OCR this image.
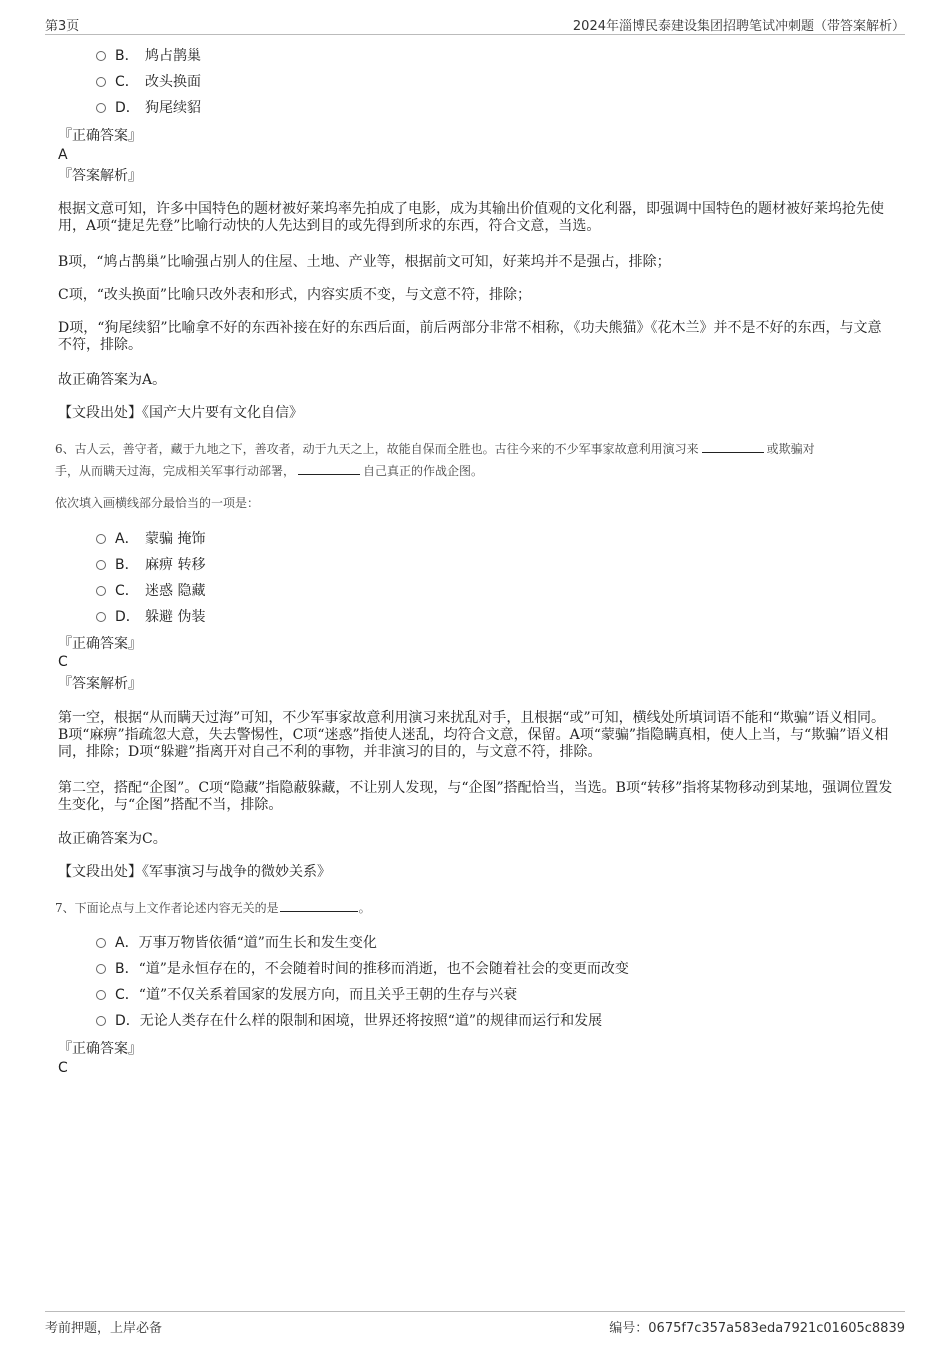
第3页	2024年淄博民泰建设集团招聘笔试冲刺题（带答案解析）
B． 鸠占鹊巢
C． 改头换面
D． 狗尾续貂
『正确答案』
A
『答案解析』
根据文意可知，许多中国特色的题材被好莱坞率先拍成了电影，成为其输出价值观的文化利器，即强调中国特色的题材被好莱坞抢先使用，A项“捷足先登”比喻行动快的人先达到目的或先得到所求的东西，符合文意，当选。
B项，“鸠占鹊巢”比喻强占别人的住屋、土地、产业等，根据前文可知，好莱坞并不是强占，排除；
C项，“改头换面”比喻只改外表和形式，内容实质不变，与文意不符，排除；
D项，“狗尾续貂”比喻拿不好的东西补接在好的东西后面，前后两部分非常不相称，《功夫熊猫》《花木兰》并不是不好的东西，与文意不符，排除。
故正确答案为A。
【文段出处】《国产大片要有文化自信》
6、古人云，善守者，藏于九地之下，善攻者，动于九天之上，故能自保而全胜也。古往今来的不少军事家故意利用演习来	或欺骗对
手，从而瞒天过海，完成相关军事行动部署，	自己真正的作战企图。
依次填入画横线部分最恰当的一项是：
A． 蒙骗 掩饰
B． 麻痹 转移
C． 迷惑 隐藏
D． 躲避 伪装
『正确答案』
C
『答案解析』
第一空，根据“从而瞒天过海”可知，不少军事家故意利用演习来扰乱对手，且根据“或”可知，横线处所填词语不能和“欺骗”语义相同。B项“麻痹”指疏忽大意，失去警惕性，C项“迷惑”指使人迷乱，均符合文意，保留。A项“蒙骗”指隐瞒真相，使人上当，与“欺骗”语义相同，排除；D项“躲避”指离开对自己不利的事物，并非演习的目的，与文意不符，排除。
第二空，搭配“企图”。C项“隐藏”指隐蔽躲藏，不让别人发现，与“企图”搭配恰当，当选。B项“转移”指将某物移动到某地，强调位置发生变化，与“企图”搭配不当，排除。
故正确答案为C。
【文段出处】《军事演习与战争的微妙关系》
7、下面论点与上文作者论述内容无关的是	。
A．万事万物皆依循“道”而生长和发生变化
B．“道”是永恒存在的，不会随着时间的推移而消逝，也不会随着社会的变更而改变
C．“道”不仅关系着国家的发展方向，而且关乎王朝的生存与兴衰
D．无论人类存在什么样的限制和困境，世界还将按照“道”的规律而运行和发展
『正确答案』
C
考前押题，上岸必备	编号：0675f7c357a583eda7921c01605c8839
